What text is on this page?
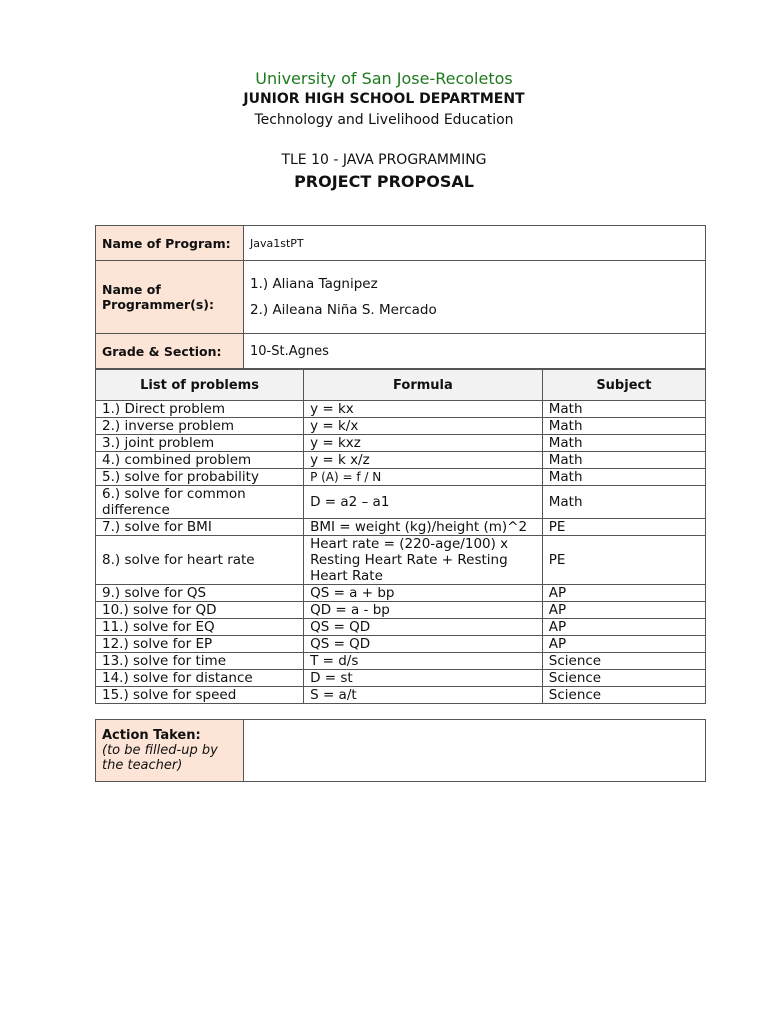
University of San Jose-Recoletos
JUNIOR HIGH SCHOOL DEPARTMENT
Technology and Livelihood Education
TLE 10 - JAVA PROGRAMMING
PROJECT PROPOSAL
Name of Program:	Java1stPT
Name of Programmer(s):	1.) Aliana Tagnipez
2.) Aileana Niña S. Mercado

Grade & Section:	10-St.Agnes
List of problems	Formula	Subject
1.) Direct problem	y = kx	Math
2.) inverse problem	y = k/x	Math
3.) joint problem	y = kxz	Math
4.) combined problem	y = k x/z	Math
5.) solve for probability	P (A) = f / N	Math
6.) solve for common difference	D = a2 – a1	Math
7.) solve for BMI	BMI = weight (kg)/height (m)^2	PE
8.) solve for heart rate	Heart rate = (220-age/100) x Resting Heart Rate + Resting Heart Rate	PE
9.) solve for QS	QS = a + bp	AP
10.) solve for QD	QD = a - bp	AP
11.) solve for EQ	QS = QD	AP
12.) solve for EP	QS = QD	AP
13.) solve for time	T = d/s	Science
14.) solve for distance	D = st	Science
15.) solve for speed	S = a/t	Science
Action Taken:
(to be filled-up by the teacher)	
